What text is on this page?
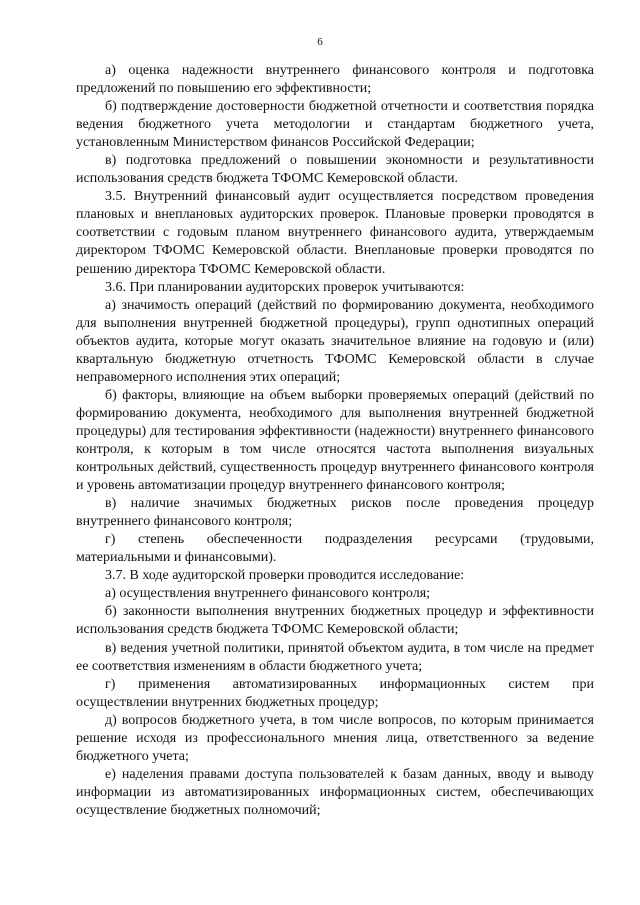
6

а) оценка надежности внутреннего финансового контроля и подготовка предложений по повышению его эффективности;

б) подтверждение достоверности бюджетной отчетности и соответствия порядка ведения бюджетного учета методологии и стандартам бюджетного учета, установленным Министерством финансов Российской Федерации;

в) подготовка предложений о повышении экономности и результативности использования средств бюджета ТФОМС Кемеровской области.

3.5. Внутренний финансовый аудит осуществляется посредством проведения плановых и внеплановых аудиторских проверок. Плановые проверки проводятся в соответствии с годовым планом внутреннего финансового аудита, утверждаемым директором ТФОМС Кемеровской области. Внеплановые проверки проводятся по решению директора ТФОМС Кемеровской области.

3.6. При планировании аудиторских проверок учитываются:

а) значимость операций (действий по формированию документа, необходимого для выполнения внутренней бюджетной процедуры), групп однотипных операций объектов аудита, которые могут оказать значительное влияние на годовую и (или) квартальную бюджетную отчетность ТФОМС Кемеровской области в случае неправомерного исполнения этих операций;

б) факторы, влияющие на объем выборки проверяемых операций (действий по формированию документа, необходимого для выполнения внутренней бюджетной процедуры) для тестирования эффективности (надежности) внутреннего финансового контроля, к которым в том числе относятся частота выполнения визуальных контрольных действий, существенность процедур внутреннего финансового контроля и уровень автоматизации процедур внутреннего финансового контроля;

в) наличие значимых бюджетных рисков после проведения процедур внутреннего финансового контроля;

г) степень обеспеченности подразделения ресурсами (трудовыми, материальными и финансовыми).

3.7. В ходе аудиторской проверки проводится исследование:

а) осуществления внутреннего финансового контроля;

б) законности выполнения внутренних бюджетных процедур и эффективности использования средств бюджета ТФОМС Кемеровской области;

в) ведения учетной политики, принятой объектом аудита, в том числе на предмет ее соответствия изменениям в области бюджетного учета;

г) применения автоматизированных информационных систем при осуществлении внутренних бюджетных процедур;

д) вопросов бюджетного учета, в том числе вопросов, по которым принимается решение исходя из профессионального мнения лица, ответственного за ведение бюджетного учета;

е) наделения правами доступа пользователей к базам данных, вводу и выводу информации из автоматизированных информационных систем, обеспечивающих осуществление бюджетных полномочий;
